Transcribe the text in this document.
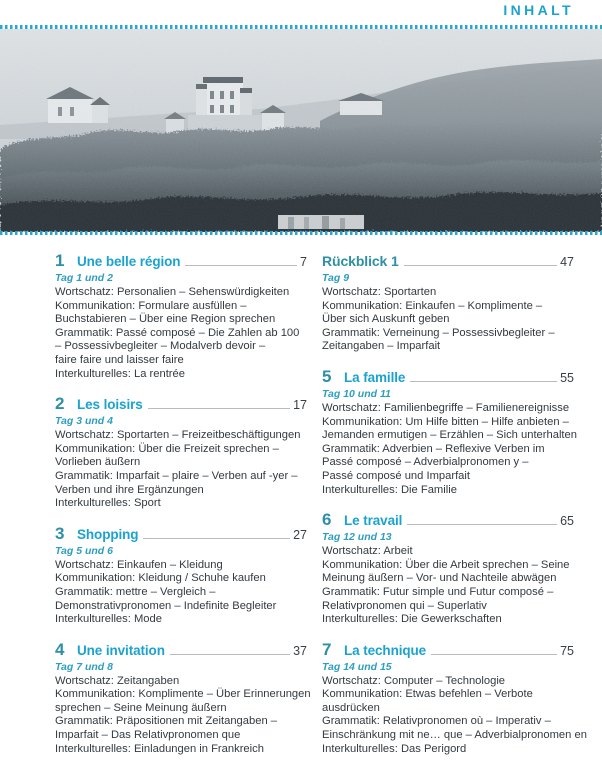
INHALT
1 Une belle région	7
Tag 1 und 2
Wortschatz: Personalien – Sehenswürdigkeiten
Kommunikation: Formulare ausfüllen –
Buchstabieren – Über eine Region sprechen
Grammatik: Passé composé – Die Zahlen ab 100
– Possessivbegleiter – Modalverb devoir –
faire faire und laisser faire
Interkulturelles: La rentrée
2 Les loisirs	17
Tag 3 und 4
Wortschatz: Sportarten – Freizeitbeschäftigungen
Kommunikation: Über die Freizeit sprechen –
Vorlieben äußern
Grammatik: Imparfait – plaire – Verben auf -yer –
Verben und ihre Ergänzungen
Interkulturelles: Sport
3 Shopping	27
Tag 5 und 6
Wortschatz: Einkaufen – Kleidung
Kommunikation: Kleidung / Schuhe kaufen
Grammatik: mettre – Vergleich –
Demonstrativpronomen – Indefinite Begleiter
Interkulturelles: Mode
4 Une invitation	37
Tag 7 und 8
Wortschatz: Zeitangaben
Kommunikation: Komplimente – Über Erinnerungen
sprechen – Seine Meinung äußern
Grammatik: Präpositionen mit Zeitangaben –
Imparfait – Das Relativpronomen que
Interkulturelles: Einladungen in Frankreich
Rückblick 1	47
Tag 9
Wortschatz: Sportarten
Kommunikation: Einkaufen – Komplimente –
Über sich Auskunft geben
Grammatik: Verneinung – Possessivbegleiter –
Zeitangaben – Imparfait
5 La famille	55
Tag 10 und 11
Wortschatz: Familienbegriffe – Familienereignisse
Kommunikation: Um Hilfe bitten – Hilfe anbieten –
Jemanden ermutigen – Erzählen – Sich unterhalten
Grammatik: Adverbien – Reflexive Verben im
Passé composé – Adverbialpronomen y –
Passé composé und Imparfait
Interkulturelles: Die Familie
6 Le travail	65
Tag 12 und 13
Wortschatz: Arbeit
Kommunikation: Über die Arbeit sprechen – Seine
Meinung äußern – Vor- und Nachteile abwägen
Grammatik: Futur simple und Futur composé –
Relativpronomen qui – Superlativ
Interkulturelles: Die Gewerkschaften
7 La technique	75
Tag 14 und 15
Wortschatz: Computer – Technologie
Kommunikation: Etwas befehlen – Verbote
ausdrücken
Grammatik: Relativpronomen où – Imperativ –
Einschränkung mit ne… que – Adverbialpronomen en
Interkulturelles: Das Perigord
